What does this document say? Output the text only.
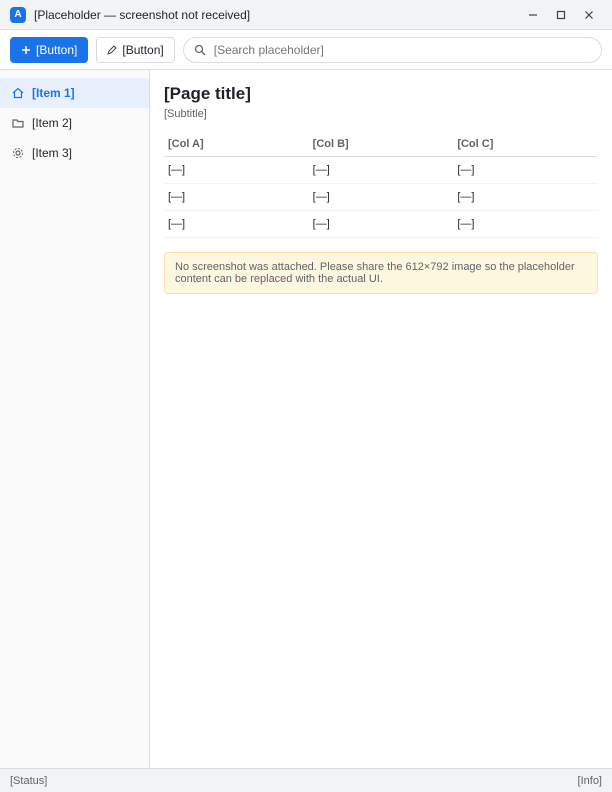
A	[Placeholder — screenshot not received]
[Button]	[Button]
[Search placeholder]
[Item 1]
[Item 2]
[Item 3]
[Page title]

[Subtitle]

[Col A]	[Col B]	[Col C]
[—]	[—]	[—]
[—]	[—]	[—]
[—]	[—]	[—]
No screenshot was attached. Please share the 612×792 image so the placeholder content can be replaced with the actual UI.
[Status]	[Info]
